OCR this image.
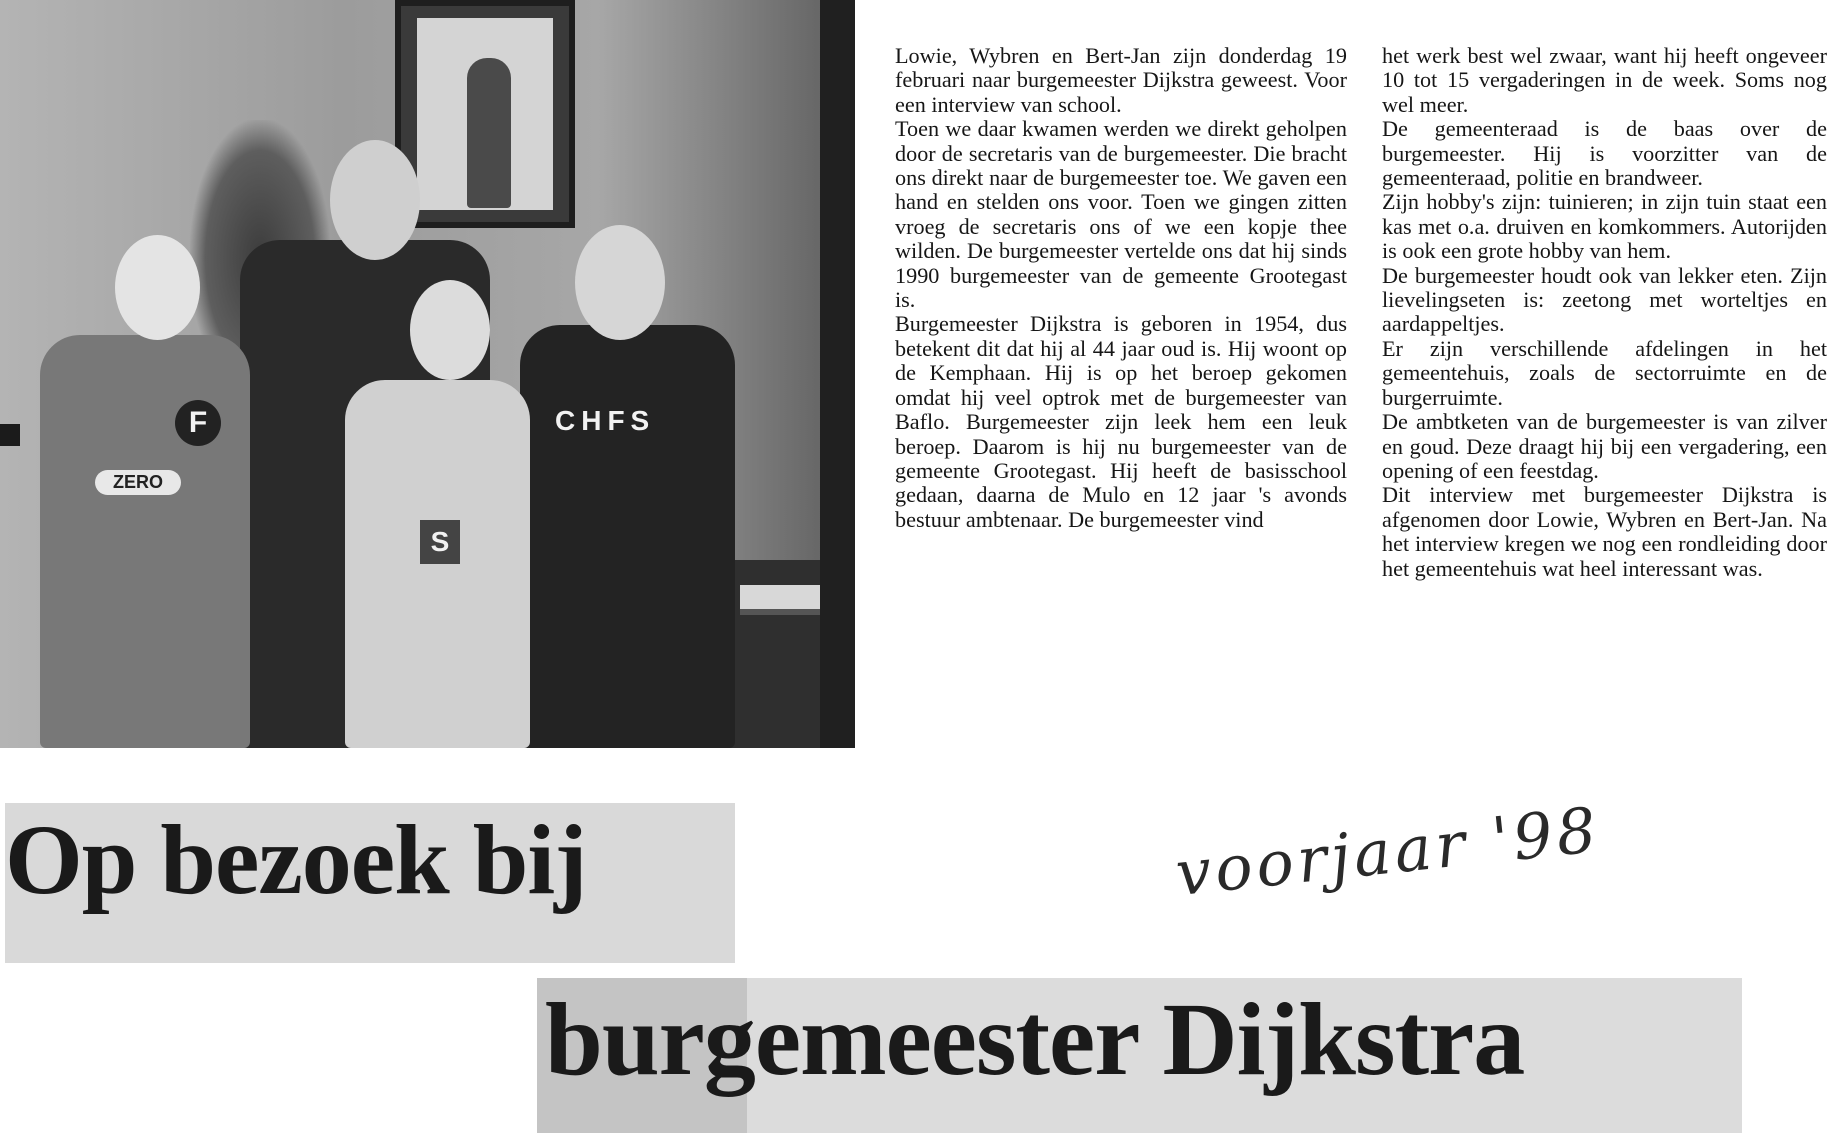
CHFS
ZERO
F
S
Lowie, Wybren en Bert-Jan zijn donderdag 19 februari naar burgemeester Dijkstra geweest. Voor een interview van school.
Toen we daar kwamen werden we direkt geholpen door de secretaris van de burgemeester. Die bracht ons direkt naar de burgemeester toe. We gaven een hand en stelden ons voor. Toen we gingen zitten vroeg de secretaris ons of we een kopje thee wilden. De burgemeester vertelde ons dat hij sinds 1990 burgemeester van de gemeente Grootegast is.
Burgemeester Dijkstra is geboren in 1954, dus betekent dit dat hij al 44 jaar oud is. Hij woont op de Kemphaan. Hij is op het beroep gekomen omdat hij veel optrok met de burgemeester van Baflo. Burgemeester zijn leek hem een leuk beroep. Daarom is hij nu burgemeester van de gemeente Grootegast. Hij heeft de basisschool gedaan, daarna de Mulo en 12 jaar 's avonds bestuur ambtenaar. De burgemeester vind
het werk best wel zwaar, want hij heeft ongeveer 10 tot 15 vergaderingen in de week. Soms nog wel meer.
De gemeenteraad is de baas over de burgemeester. Hij is voorzitter van de gemeenteraad, politie en brandweer.
Zijn hobby's zijn: tuinieren; in zijn tuin staat een kas met o.a. druiven en komkommers. Autorijden is ook een grote hobby van hem.
De burgemeester houdt ook van lekker eten. Zijn lievelingseten is: zeetong met worteltjes en aardappeltjes.
Er zijn verschillende afdelingen in het gemeentehuis, zoals de sectorruimte en de burgerruimte.
De ambtketen van de burgemeester is van zilver en goud. Deze draagt hij bij een vergadering, een opening of een feestdag.
Dit interview met burgemeester Dijkstra is afgenomen door Lowie, Wybren en Bert-Jan. Na het interview kregen we nog een rondleiding door het gemeentehuis wat heel interessant was.
Op bezoek bij
burgemeester Dijkstra
voorjaar '98
